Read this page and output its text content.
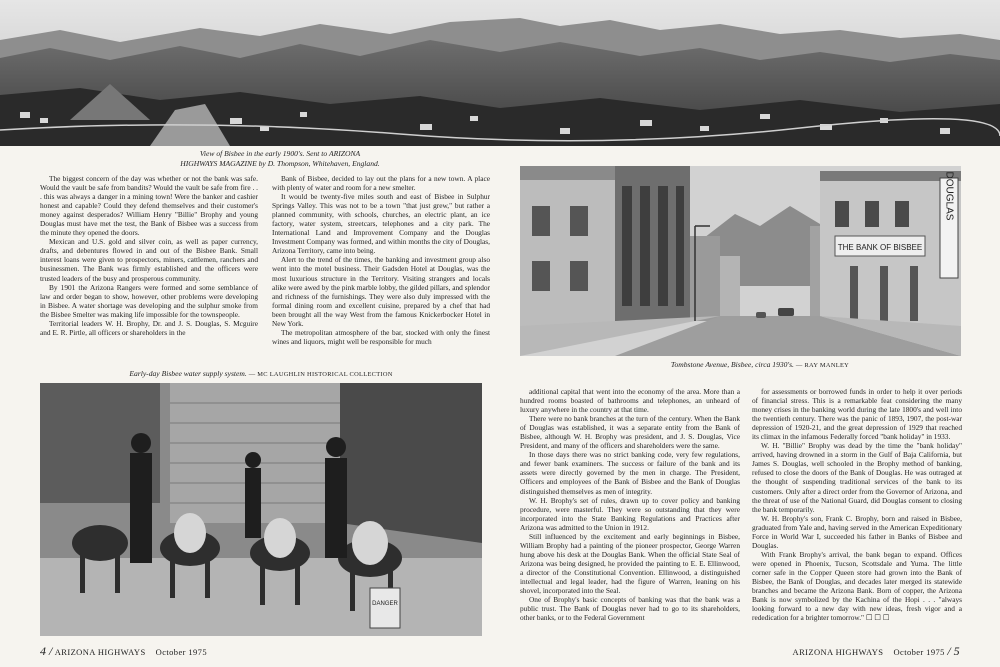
View of Bisbee in the early 1900's. Sent to ARIZONA
HIGHWAYS MAGAZINE by D. Thompson, Whitehaven, England.

The biggest concern of the day was whether or not the bank was safe. Would the vault be safe from bandits? Would the vault be safe from fire . . . this was always a danger in a mining town! Were the banker and cashier honest and capable? Could they defend themselves and their customer's money against desperados? William Henry "Billie" Brophy and young Douglas must have met the test, the Bank of Bisbee was a success from the minute they opened the doors.

Mexican and U.S. gold and silver coin, as well as paper currency, drafts, and debentures flowed in and out of the Bisbee Bank. Small interest loans were given to prospectors, miners, cattlemen, ranchers and businessmen. The Bank was firmly established and the officers were trusted leaders of the busy and prosperous community.

By 1901 the Arizona Rangers were formed and some semblance of law and order began to show, however, other problems were developing in Bisbee. A water shortage was developing and the sulphur smoke from the Bisbee Smelter was making life impossible for the townspeople.

Territorial leaders W. H. Brophy, Dr. and J. S. Douglas, S. Mcguire and E. R. Pirtle, all officers or shareholders in the

Bank of Bisbee, decided to lay out the plans for a new town. A place with plenty of water and room for a new smelter.

It would be twenty-five miles south and east of Bisbee in Sulphur Springs Valley. This was not to be a town "that just grew," but rather a planned community, with schools, churches, an electric plant, an ice factory, water system, streetcars, telephones and a city park. The International Land and Improvement Company and the Douglas Investment Company was formed, and within months the city of Douglas, Arizona Territory, came into being.

Alert to the trend of the times, the banking and investment group also went into the motel business. Their Gadsden Hotel at Douglas, was the most luxurious structure in the Territory. Visiting strangers and locals alike were awed by the pink marble lobby, the gilded pillars, and splendor and richness of the furnishings. They were also duly impressed with the formal dining room and excellent cuisine, prepared by a chef that had been brought all the way West from the famous Knickerbocker Hotel in New York.

The metropolitan atmosphere of the bar, stocked with only the finest wines and liquors, might well be responsible for much

THE BANK OF BISBEE
DOUGLAS
Tombstone Avenue, Bisbee, circa 1930's. — RAY MANLEY
Early-day Bisbee water supply system. — MC LAUGHLIN HISTORICAL COLLECTION
DANGER

additional capital that went into the economy of the area. More than a hundred rooms boasted of bathrooms and telephones, an unheard of luxury anywhere in the country at that time.

There were no bank branches at the turn of the century. When the Bank of Douglas was established, it was a separate entity from the Bank of Bisbee, although W. H. Brophy was president, and J. S. Douglas, Vice President, and many of the officers and shareholders were the same.

In those days there was no strict banking code, very few regulations, and fewer bank examiners. The success or failure of the bank and its assets were directly governed by the men in charge. The President, Officers and employees of the Bank of Bisbee and the Bank of Douglas distinguished themselves as men of integrity.

W. H. Brophy's set of rules, drawn up to cover policy and banking procedure, were masterful. They were so outstanding that they were incorporated into the State Banking Regulations and Practices after Arizona was admitted to the Union in 1912.

Still influenced by the excitement and early beginnings in Bisbee, William Brophy had a painting of the pioneer prospector, George Warren hung above his desk at the Douglas Bank. When the official State Seal of Arizona was being designed, he provided the painting to E. E. Ellinwood, a director of the Constitutional Convention. Ellinwood, a distinguished intellectual and legal leader, had the figure of Warren, leaning on his shovel, incorporated into the Seal.

One of Brophy's basic concepts of banking was that the bank was a public trust. The Bank of Douglas never had to go to its shareholders, other banks, or to the Federal Government

for assessments or borrowed funds in order to help it over periods of financial stress. This is a remarkable feat considering the many money crises in the banking world during the late 1800's and well into the twentieth century. There was the panic of 1893, 1907, the post-war depression of 1920-21, and the great depression of 1929 that reached its climax in the infamous Federally forced "bank holiday" in 1933.

W. H. "Billie" Brophy was dead by the time the "bank holiday" arrived, having drowned in a storm in the Gulf of Baja California, but James S. Douglas, well schooled in the Brophy method of banking, refused to close the doors of the Bank of Douglas. He was outraged at the thought of suspending traditional services of the bank to its customers. Only after a direct order from the Governor of Arizona, and the threat of use of the National Guard, did Douglas consent to closing the bank temporarily.

W. H. Brophy's son, Frank C. Brophy, born and raised in Bisbee, graduated from Yale and, having served in the American Expeditionary Force in World War I, succeeded his father in Banks of Bisbee and Douglas.

With Frank Brophy's arrival, the bank began to expand. Offices were opened in Phoenix, Tucson, Scottsdale and Yuma. The little corner safe in the Copper Queen store had grown into the Bank of Bisbee, the Bank of Douglas, and decades later merged its statewide branches and became the Arizona Bank. Born of copper, the Arizona Bank is now symbolized by the Kachina of the Hopi . . . "always looking forward to a new day with new ideas, fresh vigor and a rededication for a brighter tomorrow." ☐ ☐ ☐

4 / ARIZONA HIGHWAYS    October 1975	ARIZONA HIGHWAYS    October 1975 / 5
